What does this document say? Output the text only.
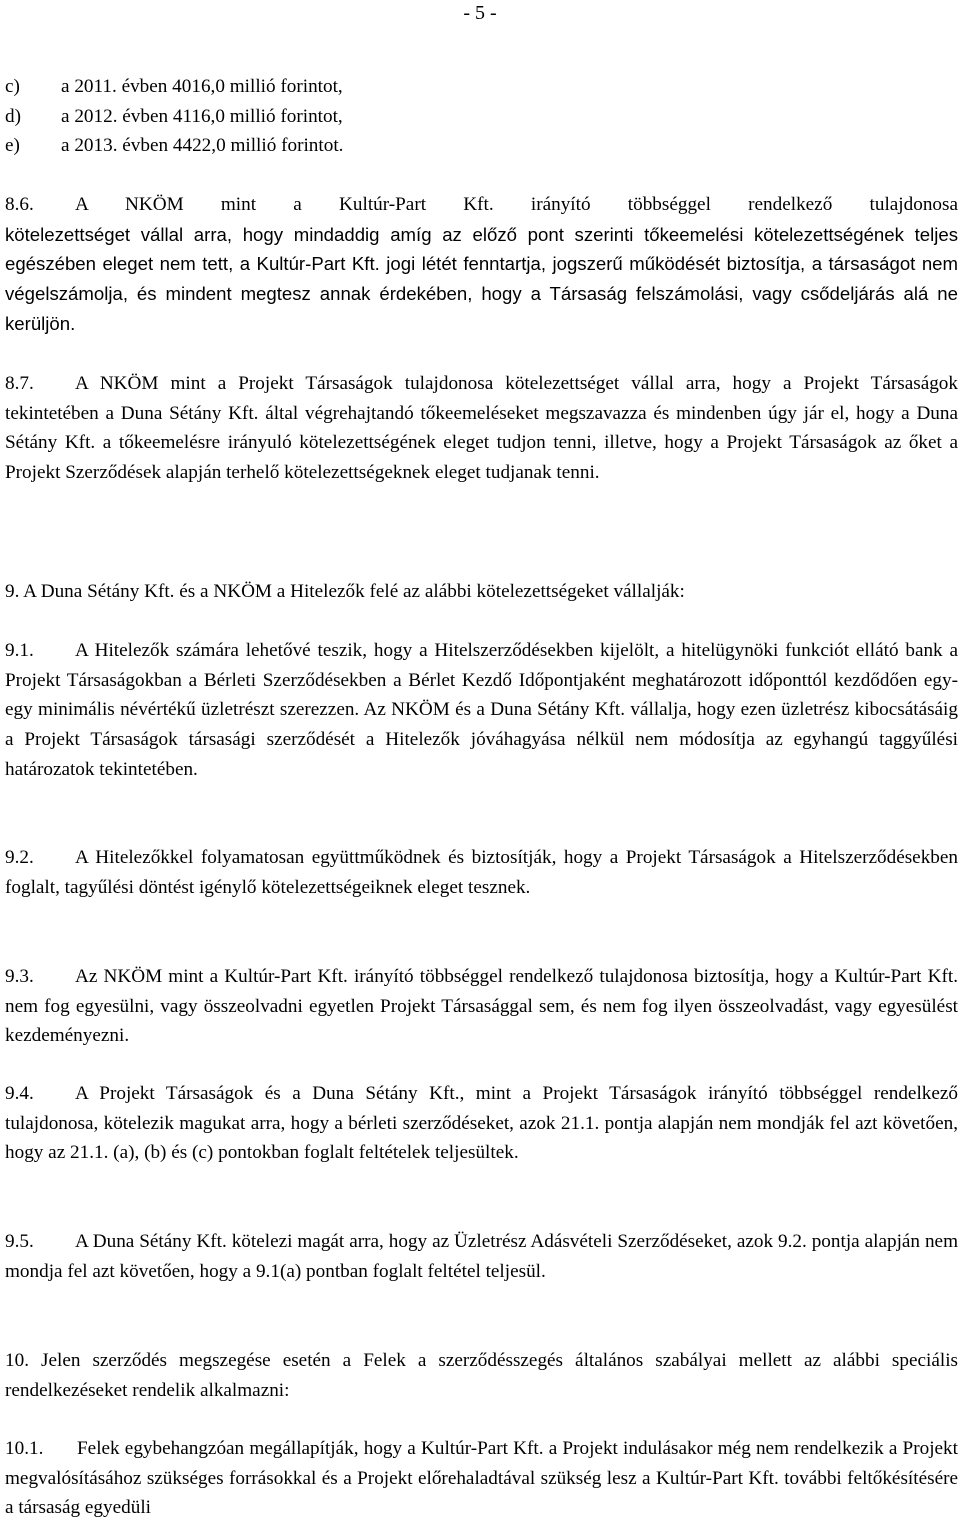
- 5 -
c)	a 2011. évben 4016,0 millió forintot,
d)	a 2012. évben 4116,0 millió forintot,
e)	a 2013. évben 4422,0 millió forintot.

8.6. A NKÖM mint a Kultúr-Part Kft. irányító többséggel rendelkező tulajdonosa

kötelezettséget vállal arra, hogy mindaddig amíg az előző pont szerinti tőkeemelési kötelezettségének teljes egészében eleget nem tett, a Kultúr-Part Kft. jogi létét fenntartja, jogszerű működését biztosítja, a társaságot nem végelszámolja, és mindent megtesz annak érdekében, hogy a Társaság felszámolási, vagy csődeljárás alá ne kerüljön.

8.7. A NKÖM mint a Projekt Társaságok tulajdonosa kötelezettséget vállal arra, hogy a Projekt Társaságok tekintetében a Duna Sétány Kft. által végrehajtandó tőkeemeléseket megszavazza és mindenben úgy jár el, hogy a Duna Sétány Kft. a tőkeemelésre irányuló kötelezettségének eleget tudjon tenni, illetve, hogy a Projekt Társaságok az őket a Projekt Szerződések alapján terhelő kötelezettségeknek eleget tudjanak tenni.

9. A Duna Sétány Kft. és a NKÖM a Hitelezők felé az alábbi kötelezettségeket vállalják:

9.1. A Hitelezők számára lehetővé teszik, hogy a Hitelszerződésekben kijelölt, a hitelügynöki funkciót ellátó bank a Projekt Társaságokban a Bérleti Szerződésekben a Bérlet Kezdő Időpontjaként meghatározott időponttól kezdődően egy-egy minimális névértékű üzletrészt szerezzen. Az NKÖM és a Duna Sétány Kft. vállalja, hogy ezen üzletrész kibocsátásáig a Projekt Társaságok társasági szerződését a Hitelezők jóváhagyása nélkül nem módosítja az egyhangú taggyűlési határozatok tekintetében.

9.2. A Hitelezőkkel folyamatosan együttműködnek és biztosítják, hogy a Projekt Társaságok a Hitelszerződésekben foglalt, tagyűlési döntést igénylő kötelezettségeiknek eleget tesznek.

9.3. Az NKÖM mint a Kultúr-Part Kft. irányító többséggel rendelkező tulajdonosa biztosítja, hogy a Kultúr-Part Kft. nem fog egyesülni, vagy összeolvadni egyetlen Projekt Társasággal sem, és nem fog ilyen összeolvadást, vagy egyesülést kezdeményezni.

9.4. A Projekt Társaságok és a Duna Sétány Kft., mint a Projekt Társaságok irányító többséggel rendelkező tulajdonosa, kötelezik magukat arra, hogy a bérleti szerződéseket, azok 21.1. pontja alapján nem mondják fel azt követően, hogy az 21.1. (a), (b) és (c) pontokban foglalt feltételek teljesültek.

9.5. A Duna Sétány Kft. kötelezi magát arra, hogy az Üzletrész Adásvételi Szerződéseket, azok 9.2. pontja alapján nem mondja fel azt követően, hogy a 9.1(a) pontban foglalt feltétel teljesül.

10. Jelen szerződés megszegése esetén a Felek a szerződésszegés általános szabályai mellett az alábbi speciális rendelkezéseket rendelik alkalmazni:

10.1. Felek egybehangzóan megállapítják, hogy a Kultúr-Part Kft. a Projekt indulásakor még nem rendelkezik a Projekt megvalósításához szükséges forrásokkal és a Projekt előrehaladtával szükség lesz a Kultúr-Part Kft. további feltőkésítésére a társaság egyedüli
